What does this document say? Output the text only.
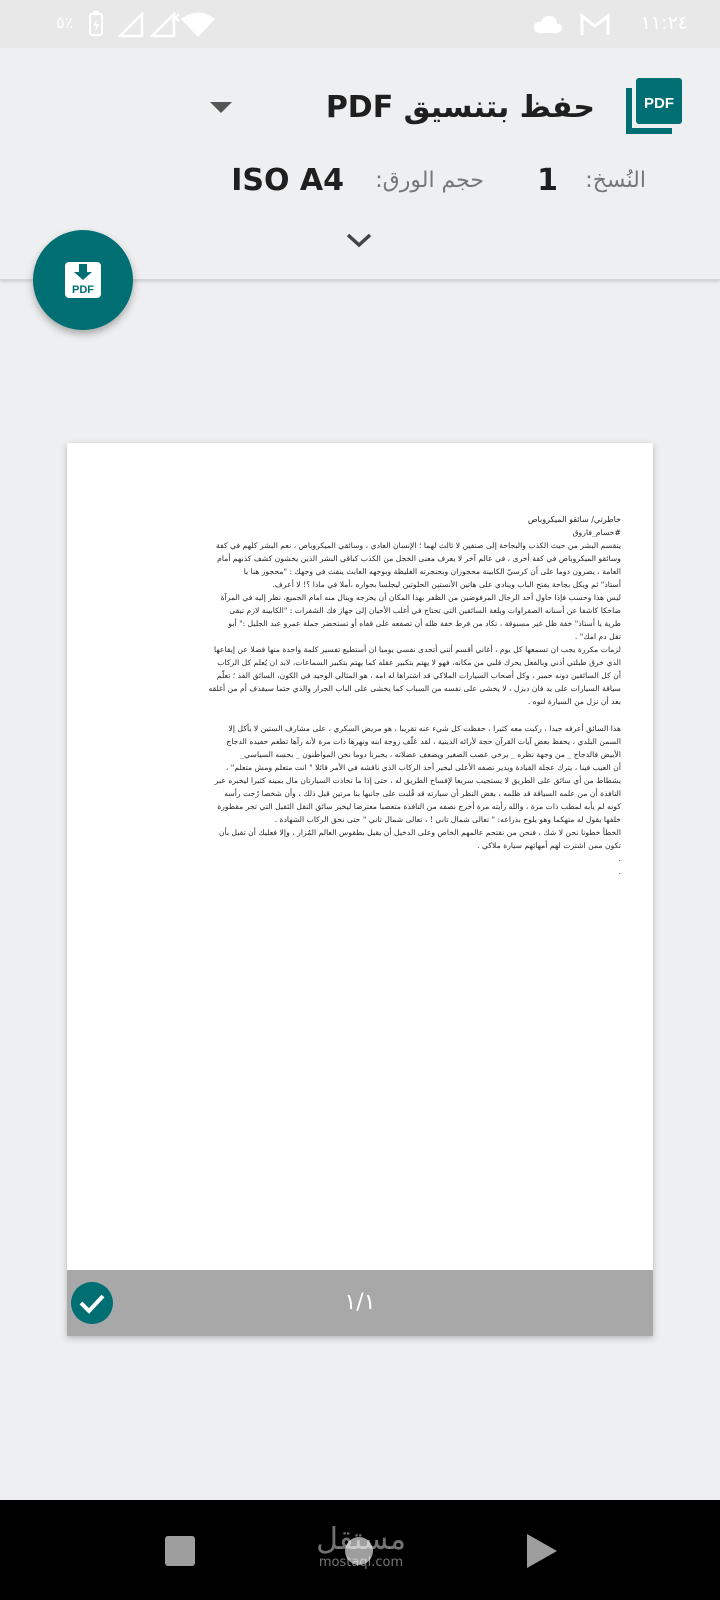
٥٪	١١:٢٤
PDF
حفظ بتنسيق PDF
النُسخ:
1
حجم الورق:
ISO A4
PDF

خاطرتي/ سائقو الميكروباص

#حسام_فاروق

ينقسم البشر من حيث الكذب والبجاحة إلى صنفين لا ثالث لهما ؛ الإنسان العادي ، وسائقي الميكروباص ، نعم البشر كلهم في كفة

وسائقو الميكروباص في كفة أخرى ، في عالم آخر لا يعرف معنى الخجل من الكذب كباقي البشر الذين يخشون كشف كذبهم أمام

العامة ، يصرون دوما على أن كرسيّ الكابينة محجوزان وبحنجرته الغليظة وبوجهه العابث ينفث في وجهك : "محجوز هنا يا

أستاذ" ثم ويكل بجاحة يفتح الباب وينادي على هاتين الأنستين الحلوتين ليجلسا بجواره ،أملا في ماذا ؟! لا أعرف.

ليس هذا وحسب فإذا حاول أحد الرجال المرفوضين من الظفر بهذا المكان أن يحرجه وينال منه امام الجميع، نظر إليه في المرآة

ضاحكا كاشفا عن أسنانه الصفراوات وبلغة السائقين التي تحتاج في أغلب الأحيان إلى جهاز فك الشفرات : "الكابينة لازم تبقى

طرية يا أستاذ" خفة ظل غير مسبوقة ، تكاد من فرط خفة ظله أن تصفعه على قفاه أو تستحضر جملة عمرو عبد الجليل :" أبو

تقل دم امك" .

لزمات مكررة يجب ان تسمعها كل يوم ، أغاني أقسم أنني أتحدى نفسي يوميا ان أستطيع تفسير كلمة واحدة منها فضلا عن إيقاعها

الذي خرق طبلتي أذني وبالفعل يحرك قلبي من مكانه، فهو لا يهتم بتكبير عقله كما يهتم بتكبير السماعات، لابد ان يُعلم كل الركاب

أن كل السائقين دونه حمير ، وكل أصحاب السيارات الملاكي قد اشتراها له امه ، هو المثالي الوحيد في الكون، السائق الفذ ؛ تعلّم

سياقة السيارات على يد فان ديزل ، لا يخشى على نفسه من السباب كما يخشى على الباب الجرار والذي حتما سيقذف أم من أغلقه

بعد أن نزل من السيارة لتوه .

هذا السائق أعرفه جيدا ، ركبت معه كثيرا ، حفظت كل شيء عنه تقريبا ، هو مريض السكري ، على مشارف الستين لا يأكل إلا

السمن البلدي ، يحفظ بعض آيات القرآن حجة لأرائه الدينية ، لقد عَلّف زوجة ابنه ونهرها ذات مرة لأنه رآها تطعم حفيده الدجاج

الأبيض فالدجاج _ من وجهة نظره _ يرخي عصب الصغير ويضعف عضلاته ، يخبرنا دوما نحن المواطنون _ بحسه السياسي_

أن العيب فينا ، يترك عجلة القيادة ويدير نصفه الأعلى ليخبر أحد الركاب الذي ناقشه في الأمر قائلا " انت متعلم ومش متعلم" ،

يشطاط من أي سائق على الطريق لا يستجيب سريعا لإفساح الطريق له ، حتى إذا ما تحاذت السيارتان مال بمينه كثيرا ليخبره عبر

النافذة أن من علمه السياقة قد ظلمه ، بغض النظر أن سيارته قد قُلبت على جانبها بنا مرتين قبل ذلك ، وأن شخصا رُجت رأسه

كونه لم يأبه لمطب ذات مرة ، والله رأيته مرة أخرج نصفه من النافذة متعصبا معترضا ليخبر سائق النقل الثقيل التي تجر مقطورة

خلفها يقول له متهكما وهو يلوح بذراعه: " تعالى شمال تاني ! ، تعالى شمال تاني " حتى نحق الركاب الشهادة .

الخطأ خطونا نحن لا شك ، فنحن من نقتحم عالمهم الخاص وعلى الدخيل أن يقبل بطقوس العالم المُزار ، وإلا فعليك أن تقبل بأن

تكون ممن اشترت لهم أمهاتهم سيارة ملاكي .

.

.

١/١
مستقل
mostaql.com
